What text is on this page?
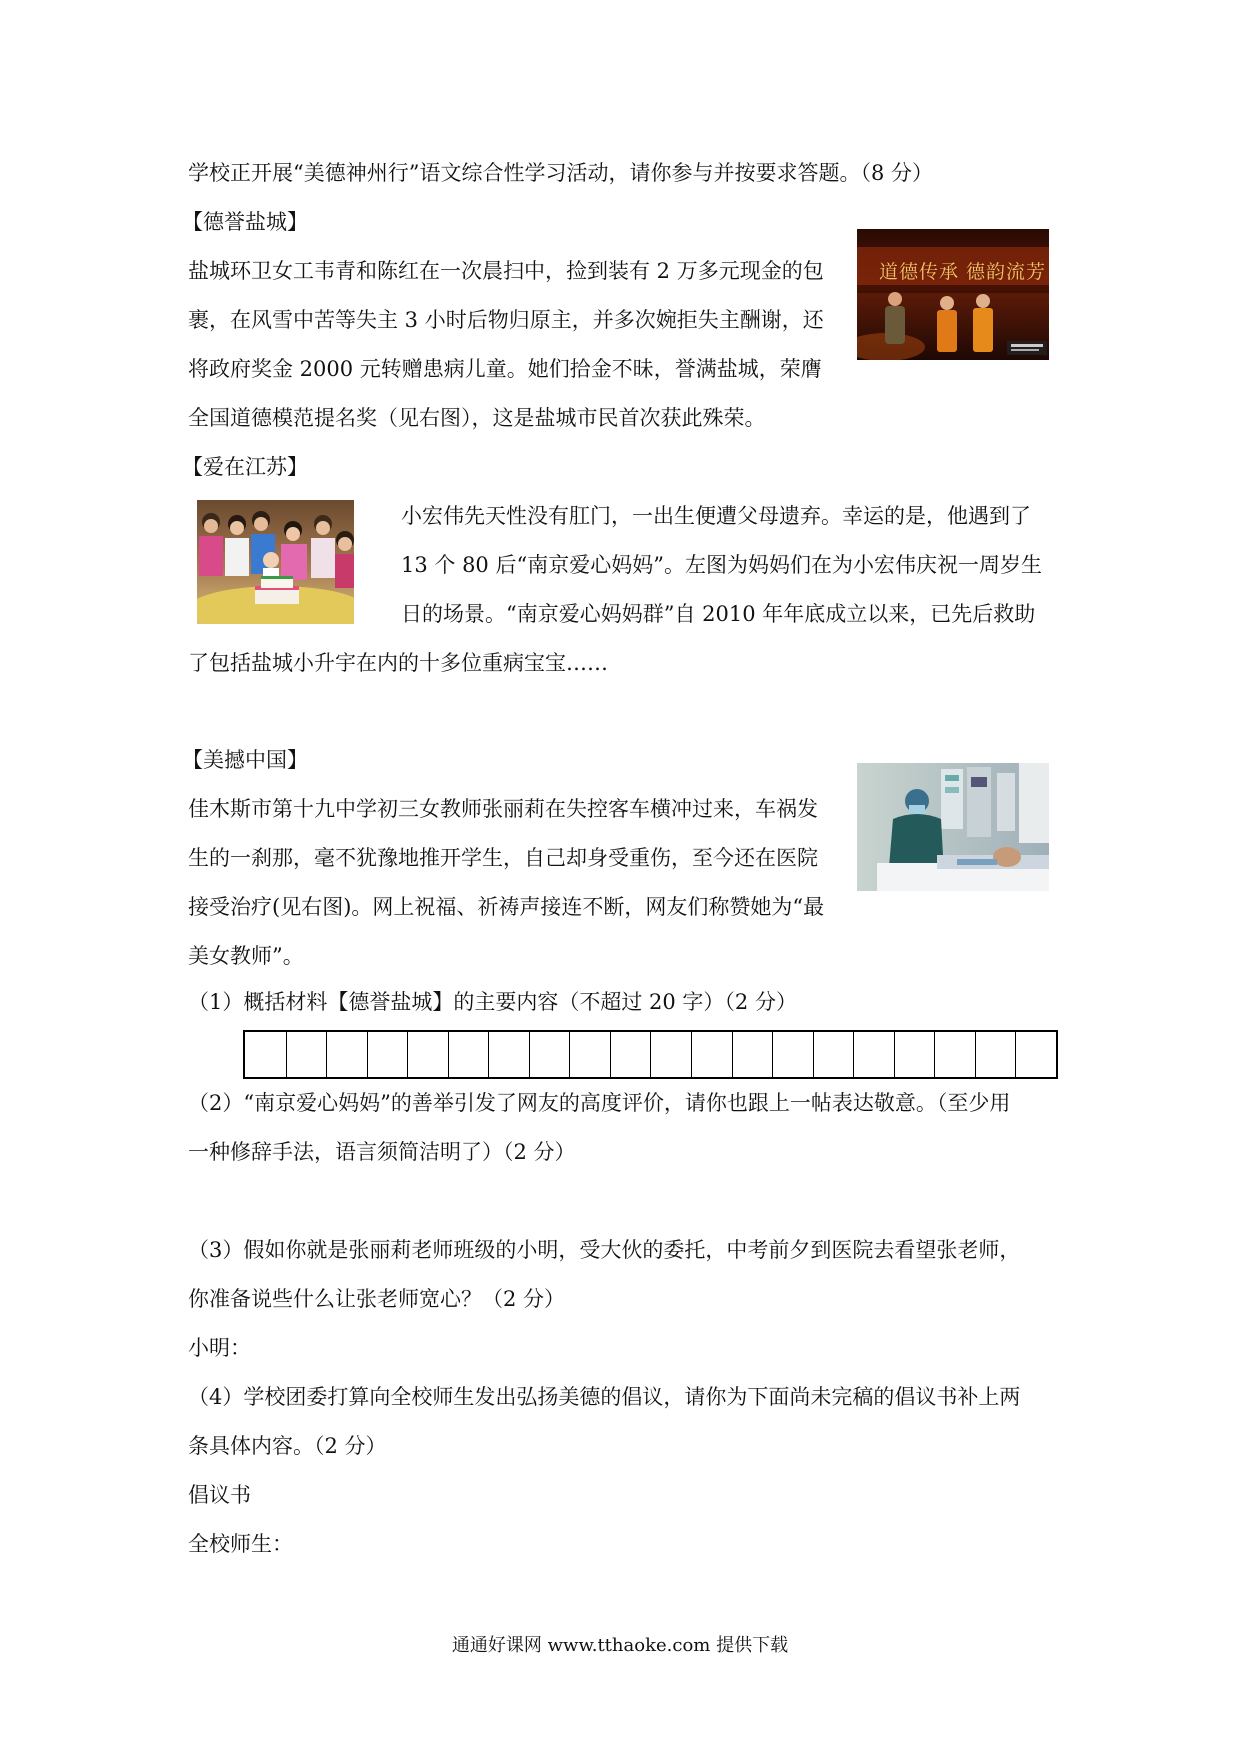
学校正开展“美德神州行”语文综合性学习活动，请你参与并按要求答题。（8 分）
【德誉盐城】
盐城环卫女工韦青和陈红在一次晨扫中，捡到装有 2 万多元现金的包
裹，在风雪中苦等失主 3 小时后物归原主，并多次婉拒失主酬谢，还
将政府奖金 2000 元转赠患病儿童。她们拾金不昧，誉满盐城，荣膺
全国道德模范提名奖（见右图），这是盐城市民首次获此殊荣。
道德传承 德韵流芳
【爱在江苏】
小宏伟先天性没有肛门，一出生便遭父母遗弃。幸运的是，他遇到了
13 个 80 后“南京爱心妈妈”。左图为妈妈们在为小宏伟庆祝一周岁生
日的场景。“南京爱心妈妈群”自 2010 年年底成立以来，已先后救助
了包括盐城小升宇在内的十多位重病宝宝……
【美撼中国】
佳木斯市第十九中学初三女教师张丽莉在失控客车横冲过来，车祸发
生的一刹那，毫不犹豫地推开学生，自己却身受重伤，至今还在医院
接受治疗(见右图)。网上祝福、祈祷声接连不断，网友们称赞她为“最
美女教师”。
（1）概括材料【德誉盐城】的主要内容（不超过 20 字）（2 分）
（2）“南京爱心妈妈”的善举引发了网友的高度评价，请你也跟上一帖表达敬意。（至少用
一种修辞手法，语言须简洁明了）（2 分）
（3）假如你就是张丽莉老师班级的小明，受大伙的委托，中考前夕到医院去看望张老师，
你准备说些什么让张老师宽心？（2 分）
小明：
（4）学校团委打算向全校师生发出弘扬美德的倡议，请你为下面尚未完稿的倡议书补上两
条具体内容。（2 分）
倡议书
全校师生：
通通好课网 www.tthaoke.com 提供下载
